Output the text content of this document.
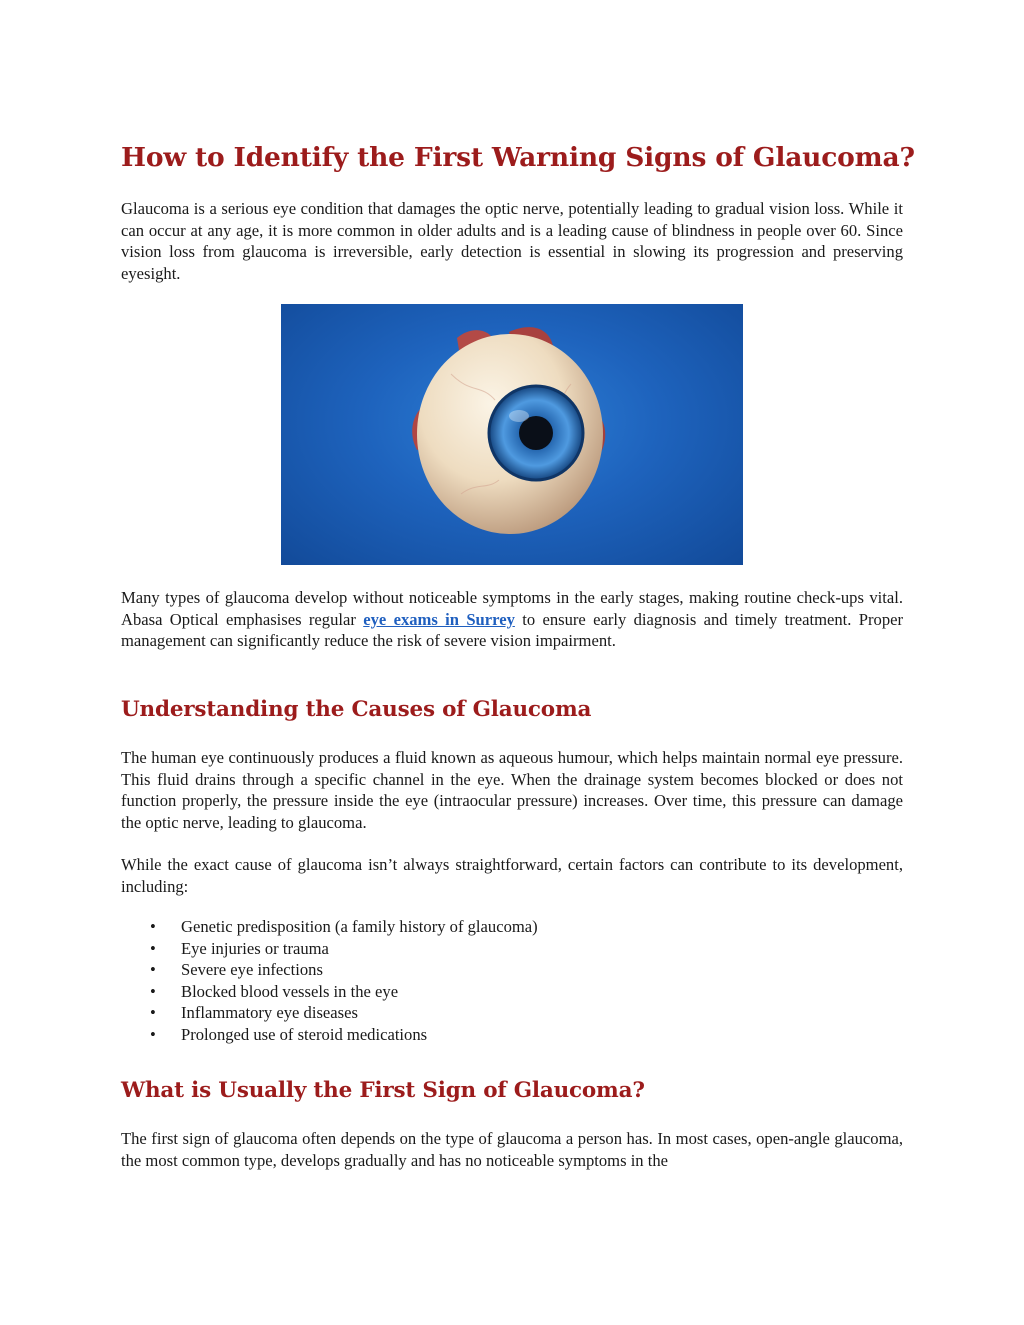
How to Identify the First Warning Signs of Glaucoma?

Glaucoma is a serious eye condition that damages the optic nerve, potentially leading to gradual vision loss. While it can occur at any age, it is more common in older adults and is a leading cause of blindness in people over 60. Since vision loss from glaucoma is irreversible, early detection is essential in slowing its progression and preserving eyesight.

Many types of glaucoma develop without noticeable symptoms in the early stages, making routine check-ups vital. Abasa Optical emphasises regular eye exams in Surrey to ensure early diagnosis and timely treatment. Proper management can significantly reduce the risk of severe vision impairment.

Understanding the Causes of Glaucoma

The human eye continuously produces a fluid known as aqueous humour, which helps maintain normal eye pressure. This fluid drains through a specific channel in the eye. When the drainage system becomes blocked or does not function properly, the pressure inside the eye (intraocular pressure) increases. Over time, this pressure can damage the optic nerve, leading to glaucoma.

While the exact cause of glaucoma isn’t always straightforward, certain factors can contribute to its development, including:

• Genetic predisposition (a family history of glaucoma)
• Eye injuries or trauma
• Severe eye infections
• Blocked blood vessels in the eye
• Inflammatory eye diseases
• Prolonged use of steroid medications
What is Usually the First Sign of Glaucoma?

The first sign of glaucoma often depends on the type of glaucoma a person has. In most cases, open-angle glaucoma, the most common type, develops gradually and has no noticeable symptoms in the
